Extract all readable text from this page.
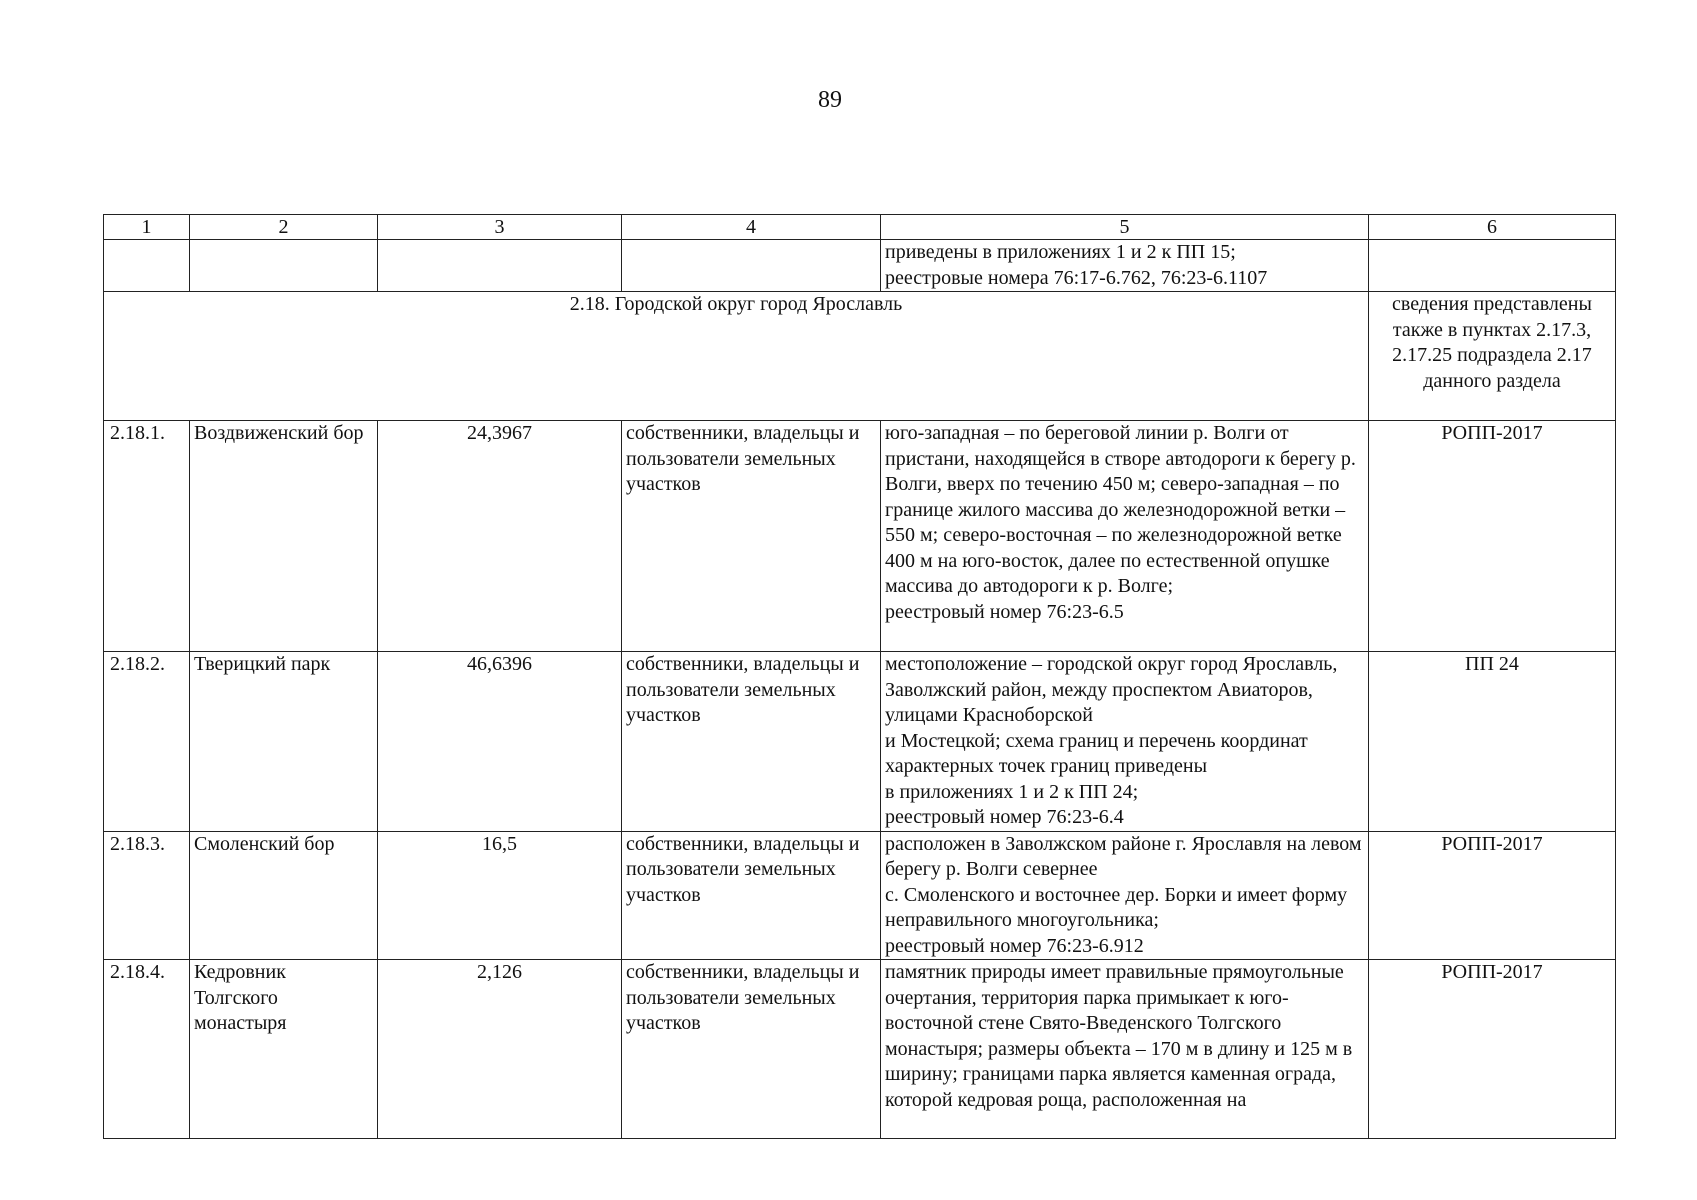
89
1	2	3	4	5	6
				приведены в приложениях 1 и 2 к ПП 15;
реестровые номера 76:17-6.762, 76:23-6.1107	
2.18. Городской округ город Ярославль					сведения представлены также в пунктах 2.17.3, 2.17.25 подраздела 2.17 данного раздела
2.18.1.	Воздвиженский бор	24,3967	собственники, владельцы и пользователи земельных участков	юго-западная – по береговой линии р. Волги от пристани, находящейся в створе автодороги к берегу р. Волги, вверх по течению 450 м; северо-западная – по границе жилого массива до железнодорожной ветки – 550 м; северо-восточная – по железнодорожной ветке 400 м на юго-восток, далее по естественной опушке массива до автодороги к р. Волге;
реестровый номер 76:23-6.5	РОПП-2017
2.18.2.	Тверицкий парк	46,6396	собственники, владельцы и пользователи земельных участков	местоположение – городской округ город Ярославль, Заволжский район, между проспектом Авиаторов, улицами Красноборской
и Мостецкой; схема границ и перечень координат характерных точек границ приведены
в приложениях 1 и 2 к ПП 24;
реестровый номер 76:23-6.4	ПП 24
2.18.3.	Смоленский бор	16,5	собственники, владельцы и пользователи земельных участков	расположен в Заволжском районе г. Ярославля на левом берегу р. Волги севернее
с. Смоленского и восточнее дер. Борки и имеет форму неправильного многоугольника;
реестровый номер 76:23-6.912	РОПП-2017
2.18.4.	Кедровник Толгского монастыря	2,126	собственники, владельцы и пользователи земельных участков	памятник природы имеет правильные прямоугольные очертания, территория парка примыкает к юго-восточной стене Свято-Введенского Толгского монастыря; размеры объекта – 170 м в длину и 125 м в ширину; границами парка является каменная ограда, которой кедровая роща, расположенная на	РОПП-2017
